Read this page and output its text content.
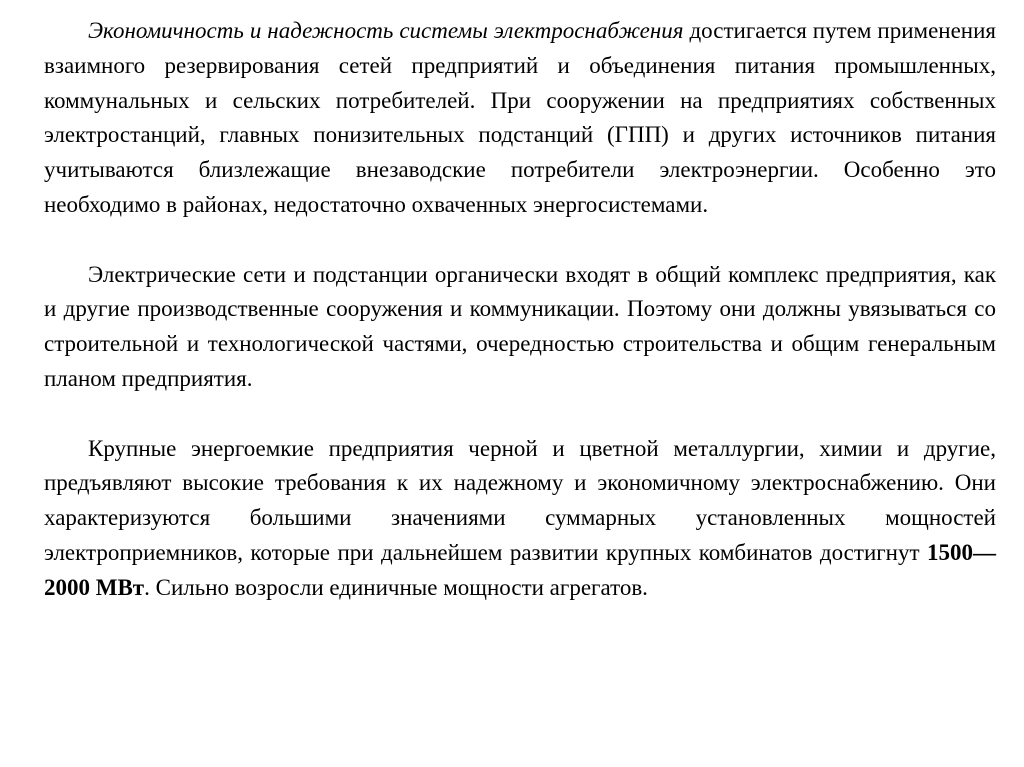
Экономичность и надежность системы электроснабжения достигается путем применения взаимного резервирования сетей предприятий и объединения питания промышленных, коммунальных и сельских потребителей. При сооружении на предприятиях собственных электростанций, главных понизительных подстанций (ГПП) и других источников питания учитываются близлежащие внезаводские потребители электроэнергии. Особенно это необходимо в районах, недостаточно охваченных энергосистемами.

Электрические сети и подстанции органически входят в общий комплекс предприятия, как и другие производственные сооружения и коммуникации. Поэтому они должны увязываться со строительной и технологической частями, очередностью строительства и общим генеральным планом предприятия.

Крупные энергоемкие предприятия черной и цветной металлургии, химии и другие, предъявляют высокие требования к их надежному и экономичному электроснабжению. Они характеризуются большими значениями суммарных установленных мощностей электроприемников, которые при дальнейшем развитии крупных комбинатов достигнут 1500—2000 МВт. Сильно возросли единичные мощности агрегатов.
